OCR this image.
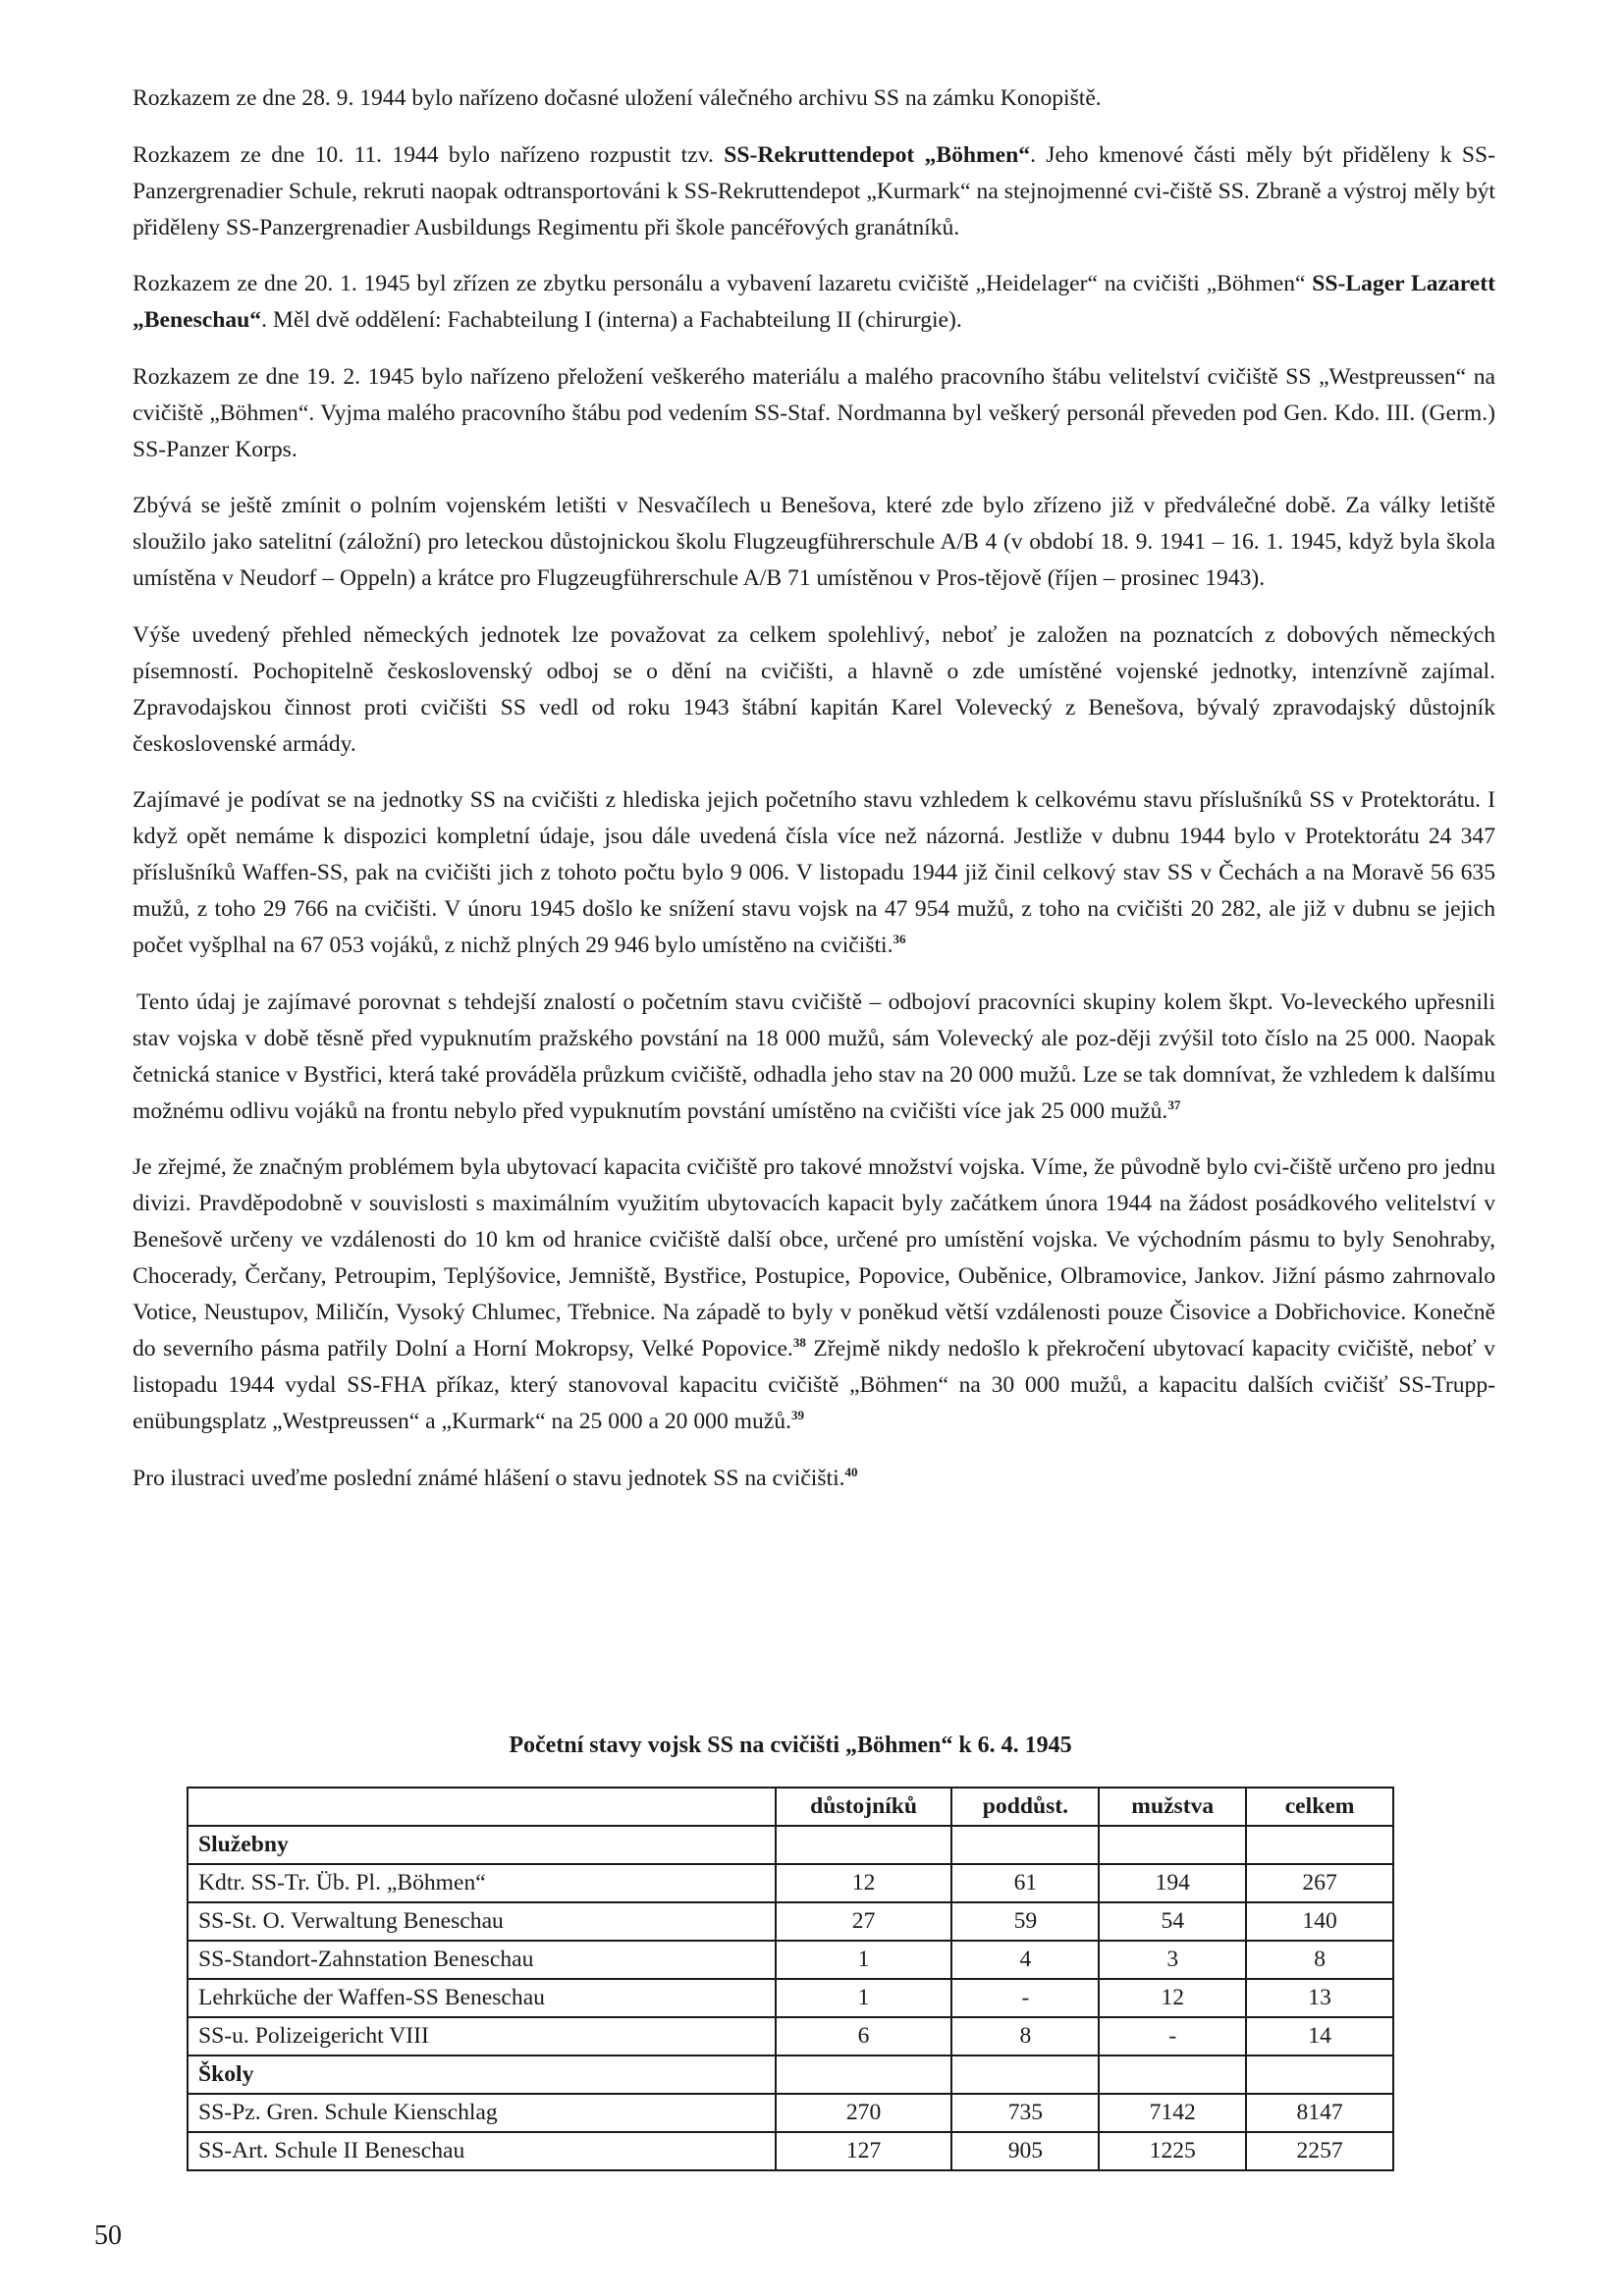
Rozkazem ze dne 28. 9. 1944 bylo nařízeno dočasné uložení válečného archivu SS na zámku Konopiště.

Rozkazem ze dne 10. 11. 1944 bylo nařízeno rozpustit tzv. SS-Rekruttendepot „Böhmen“. Jeho kmenové části měly být přiděleny k SS-Panzergrenadier Schule, rekruti naopak odtransportováni k SS-Rekruttendepot „Kurmark“ na stejnojmenné cvi-čiště SS. Zbraně a výstroj měly být přiděleny SS-Panzergrenadier Ausbildungs Regimentu při škole pancéřových granátníků.

Rozkazem ze dne 20. 1. 1945 byl zřízen ze zbytku personálu a vybavení lazaretu cvičiště „Heidelager“ na cvičišti „Böhmen“ SS-Lager Lazarett „Beneschau“. Měl dvě oddělení: Fachabteilung I (interna) a Fachabteilung II (chirurgie).

Rozkazem ze dne 19. 2. 1945 bylo nařízeno přeložení veškerého materiálu a malého pracovního štábu velitelství cvičiště SS „Westpreussen“ na cvičiště „Böhmen“. Vyjma malého pracovního štábu pod vedením SS-Staf. Nordmanna byl veškerý personál převeden pod Gen. Kdo. III. (Germ.) SS-Panzer Korps.

Zbývá se ještě zmínit o polním vojenském letišti v Nesvačílech u Benešova, které zde bylo zřízeno již v předválečné době. Za války letiště sloužilo jako satelitní (záložní) pro leteckou důstojnickou školu Flugzeugführerschule A/B 4 (v období 18. 9. 1941 – 16. 1. 1945, když byla škola umístěna v Neudorf – Oppeln) a krátce pro Flugzeugführerschule A/B 71 umístěnou v Pros-tějově (říjen – prosinec 1943).

Výše uvedený přehled německých jednotek lze považovat za celkem spolehlivý, neboť je založen na poznatcích z dobových německých písemností. Pochopitelně československý odboj se o dění na cvičišti, a hlavně o zde umístěné vojenské jednotky, intenzívně zajímal. Zpravodajskou činnost proti cvičišti SS vedl od roku 1943 štábní kapitán Karel Volevecký z Benešova, bývalý zpravodajský důstojník československé armády.

Zajímavé je podívat se na jednotky SS na cvičišti z hlediska jejich početního stavu vzhledem k celkovému stavu příslušníků SS v Protektorátu. I když opět nemáme k dispozici kompletní údaje, jsou dále uvedená čísla více než názorná. Jestliže v dubnu 1944 bylo v Protektorátu 24 347 příslušníků Waffen-SS, pak na cvičišti jich z tohoto počtu bylo 9 006. V listopadu 1944 již činil celkový stav SS v Čechách a na Moravě 56 635 mužů, z toho 29 766 na cvičišti. V únoru 1945 došlo ke snížení stavu vojsk na 47 954 mužů, z toho na cvičišti 20 282, ale již v dubnu se jejich počet vyšplhal na 67 053 vojáků, z nichž plných 29 946 bylo umístěno na cvičišti.$^{36}$

Tento údaj je zajímavé porovnat s tehdejší znalostí o početním stavu cvičiště – odbojoví pracovníci skupiny kolem škpt. Vo-leveckého upřesnili stav vojska v době těsně před vypuknutím pražského povstání na 18 000 mužů, sám Volevecký ale poz-ději zvýšil toto číslo na 25 000. Naopak četnická stanice v Bystřici, která také prováděla průzkum cvičiště, odhadla jeho stav na 20 000 mužů. Lze se tak domnívat, že vzhledem k dalšímu možnému odlivu vojáků na frontu nebylo před vypuknutím povstání umístěno na cvičišti více jak 25 000 mužů.$^{37}$

Je zřejmé, že značným problémem byla ubytovací kapacita cvičiště pro takové množství vojska. Víme, že původně bylo cvi-čiště určeno pro jednu divizi. Pravděpodobně v souvislosti s maximálním využitím ubytovacích kapacit byly začátkem února 1944 na žádost posádkového velitelství v Benešově určeny ve vzdálenosti do 10 km od hranice cvičiště další obce, určené pro umístění vojska. Ve východním pásmu to byly Senohraby, Chocerady, Čerčany, Petroupim, Teplýšovice, Jemniště, Bystřice, Postupice, Popovice, Ouběnice, Olbramovice, Jankov. Jižní pásmo zahrnovalo Votice, Neustupov, Miličín, Vysoký Chlumec, Třebnice. Na západě to byly v poněkud větší vzdálenosti pouze Čisovice a Dobřichovice. Konečně do severního pásma patřily Dolní a Horní Mokropsy, Velké Popovice.$^{38}$ Zřejmě nikdy nedošlo k překročení ubytovací kapacity cvičiště, neboť v listopadu 1944 vydal SS-FHA příkaz, který stanovoval kapacitu cvičiště „Böhmen“ na 30 000 mužů, a kapacitu dalších cvičišť SS-Trupp-enübungsplatz „Westpreussen“ a „Kurmark“ na 25 000 a 20 000 mužů.$^{39}$

Pro ilustraci uveďme poslední známé hlášení o stavu jednotek SS na cvičišti.$^{40}$

Početní stavy vojsk SS na cvičišti „Böhmen“ k 6. 4. 1945
	důstojníků	poddůst.	mužstva	celkem
Služebny				
Kdtr. SS-Tr. Üb. Pl. „Böhmen“	12	61	194	267
SS-St. O. Verwaltung Beneschau	27	59	54	140
SS-Standort-Zahnstation Beneschau	1	4	3	8
Lehrküche der Waffen-SS Beneschau	1	-	12	13
SS-u. Polizeigericht VIII	6	8	-	14
Školy				
SS-Pz. Gren. Schule Kienschlag	270	735	7142	8147
SS-Art. Schule II Beneschau	127	905	1225	2257
50
